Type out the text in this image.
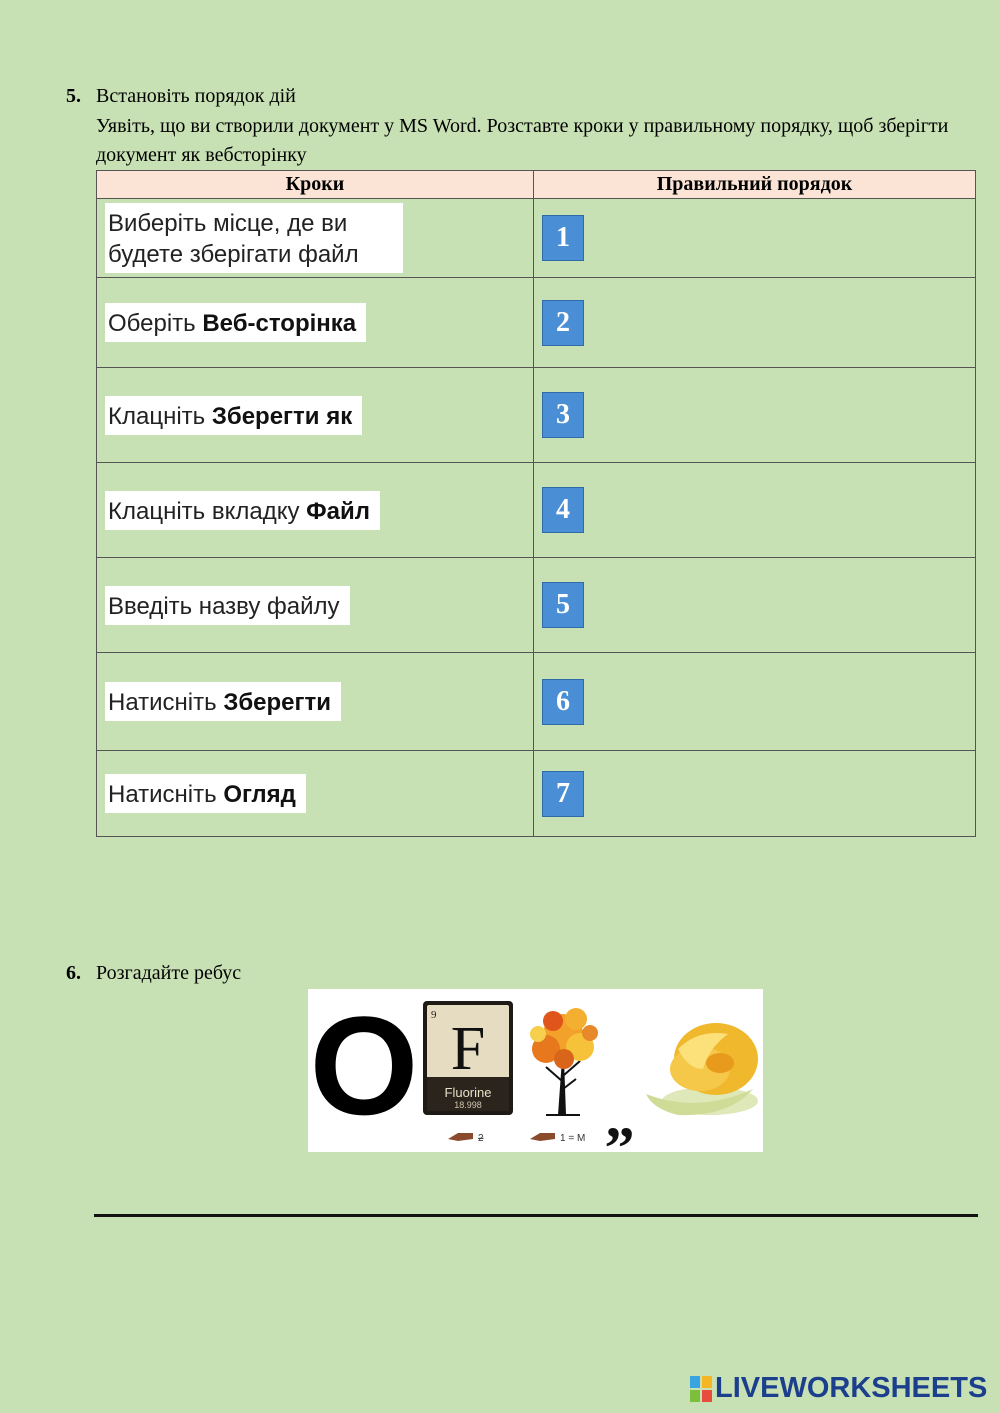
5. Встановіть порядок дій
Уявіть, що ви створили документ у MS Word. Розставте кроки у правильному порядку, щоб зберігти документ як вебсторінку
Кроки	Правильний порядок
Виберіть місце, де ви будете зберігати файл	1
Оберіть Веб-сторінка	2
Клацніть Зберегти як	3
Клацніть вкладку Файл	4
Введіть назву файлу	5
Натисніть Зберегти	6
Натисніть Огляд	7
6. Розгадайте ребус
O 9 F
Fluorine
18.998 „
2	1 = M
LIVEWORKSHEETS
